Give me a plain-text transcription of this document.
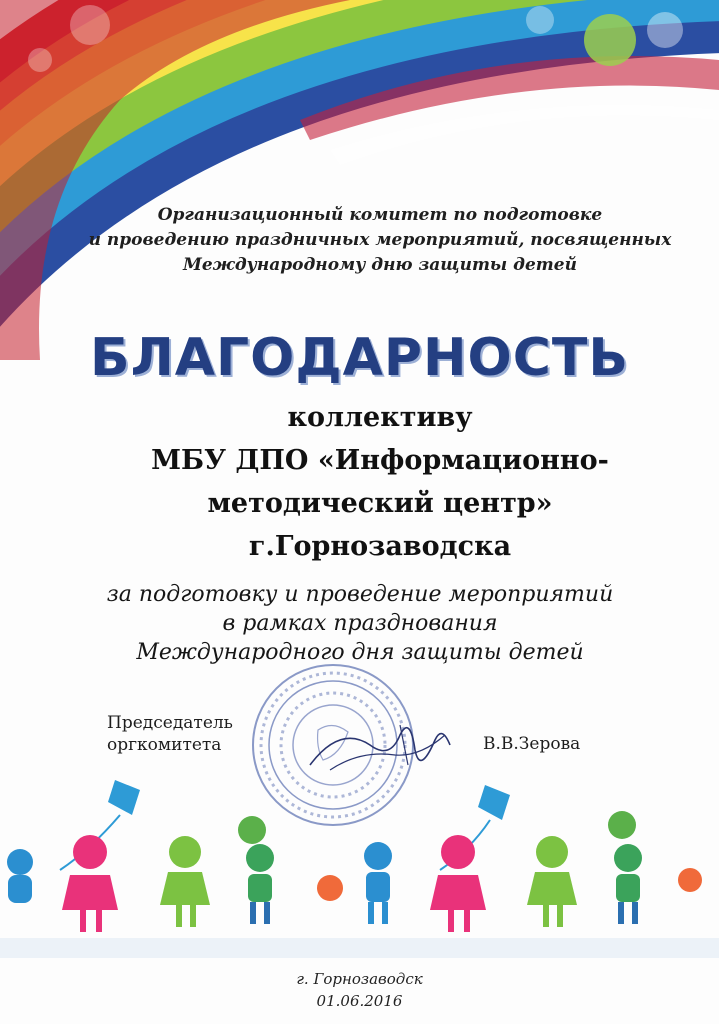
Организационный комитет по подготовке
и проведению праздничных мероприятий, посвященных
Международному дню защиты детей
БЛАГОДАРНОСТЬ
коллективу
МБУ ДПО «Информационно-
методический центр»
г.Горнозаводска
за подготовку и проведение мероприятий
в рамках празднования
Международного дня защиты детей
Председатель
оргкомитета	В.В.Зерова
г. Горнозаводск
01.06.2016
